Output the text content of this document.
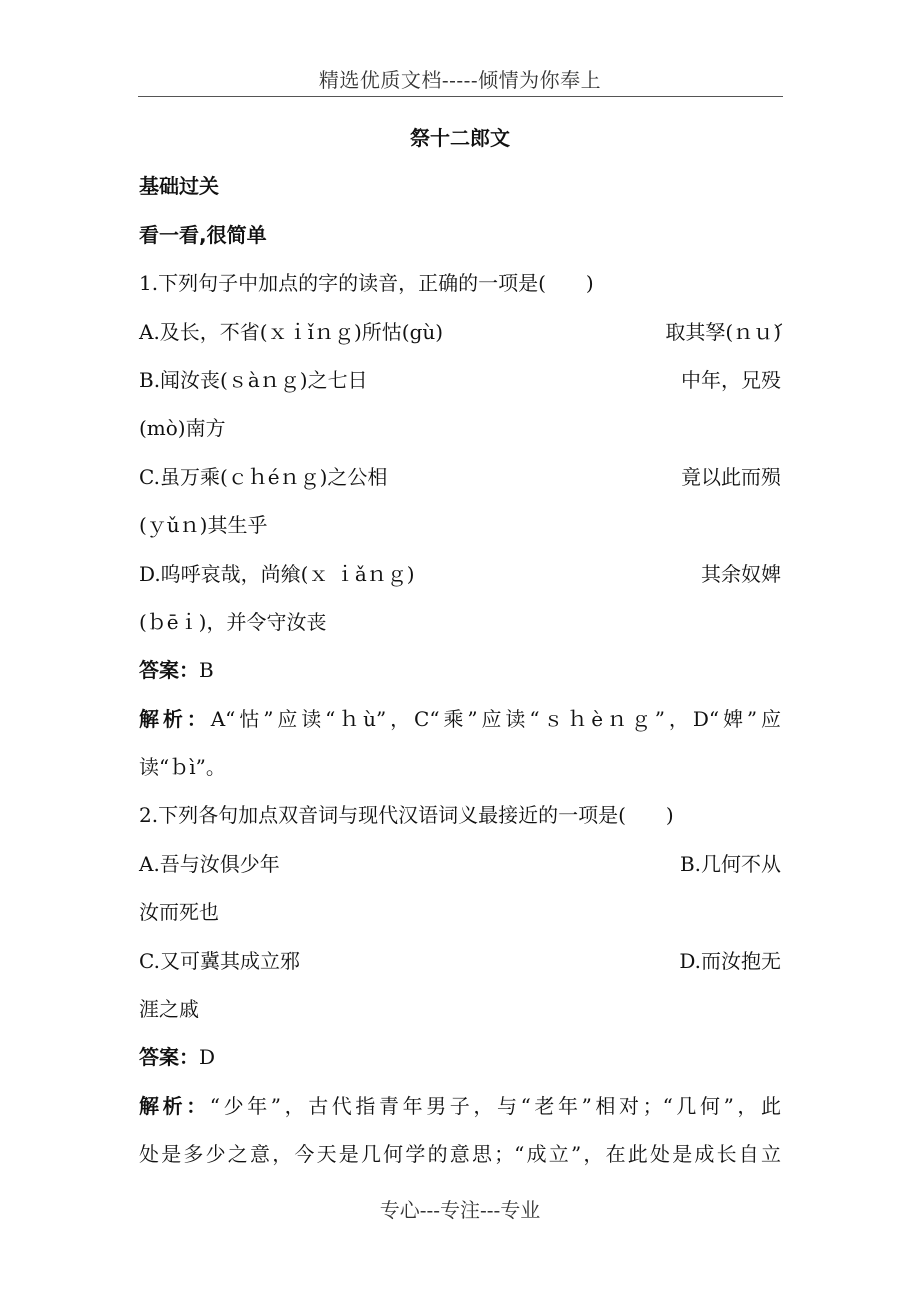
精选优质文档-----倾情为你奉上
祭十二郎文
基础过关
看一看,很简单
1.下列句子中加点的字的读音，正确的一项是(　　)
A.及长，不省(ｘｉǐｎｇ)所怙(gù)	取其孥(ｎｕ́)
B.闻汝丧(ｓàｎｇ)之七日	中年，兄殁
(mò)南方
C.虽万乘(ｃｈéｎｇ)之公相	竟以此而殒
(ｙǔｎ)其生乎
D.呜呼哀哉，尚飨(ｘ ｉǎｎｇ)	其余奴婢
(ｂēｉ)，并令守汝丧
答案：B
解析：A“怙”应读“ｈù”，C“乘”应读“ｓｈèｎｇ”，D“婢”应
读“ｂì”。
2.下列各句加点双音词与现代汉语词义最接近的一项是(　　)
A.吾与汝俱少年	B.几何不从
汝而死也
C.又可冀其成立邪	D.而汝抱无
涯之戚
答案：D
解析：“少年”，古代指青年男子，与“老年”相对；“几何”，此
处是多少之意，今天是几何学的意思；“成立”，在此处是成长自立
专心---专注---专业
